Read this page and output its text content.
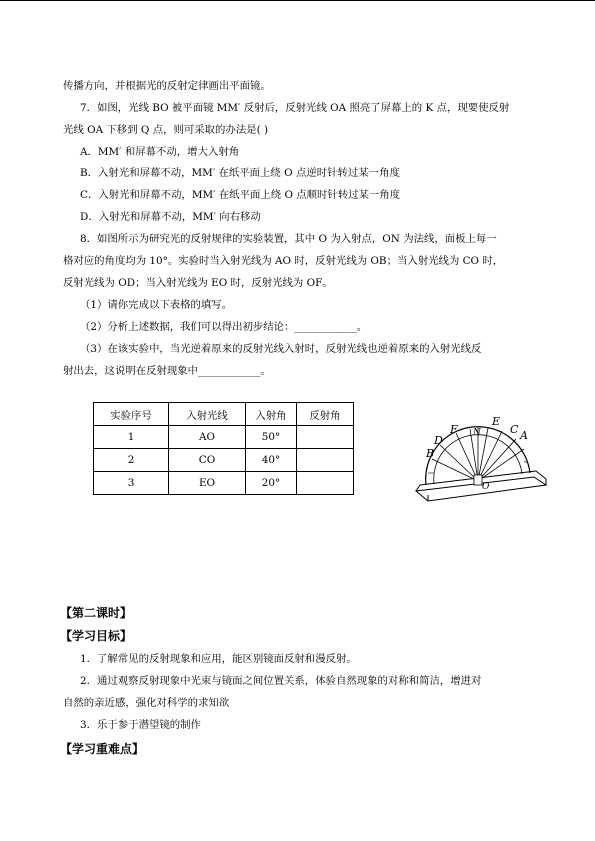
传播方向，并根据光的反射定律画出平面镜。
7．如图，光线 BO 被平面镜 MM′ 反射后，反射光线 OA 照亮了屏幕上的 K 点，现要使反射
光线 OA 下移到 Q 点，则可采取的办法是( )
A．MM′ 和屏幕不动，增大入射角
B．入射光和屏幕不动，MM′ 在纸平面上绕 O 点逆时针转过某一角度
C．入射光和屏幕不动，MM′ 在纸平面上绕 O 点顺时针转过某一角度
D．入射光和屏幕不动，MM′ 向右移动
8．如图所示为研究光的反射规律的实验装置，其中 O 为入射点，ON 为法线，面板上每一
格对应的角度均为 10°。实验时当入射光线为 AO 时，反射光线为 OB；当入射光线为 CO 时，
反射光线为 OD；当入射光线为 EO 时，反射光线为 OF。
（1）请你完成以下表格的填写。
（2）分析上述数据，我们可以得出初步结论：____________。
（3）在该实验中，当光逆着原来的反射光线入射时，反射光线也逆着原来的入射光线反
射出去，这说明在反射现象中____________。
实验序号	入射光线	入射角	反射角
1	AO	50°	
2	CO	40°	
3	EO	20°	
B
D
F N
E
C A
O
【第二课时】
【学习目标】
1．了解常见的反射现象和应用，能区别镜面反射和漫反射。
2．通过观察反射现象中光束与镜面之间位置关系，体验自然现象的对称和简洁，增进对
自然的亲近感，强化对科学的求知欲
3．乐于参于潜望镜的制作
【学习重难点】
